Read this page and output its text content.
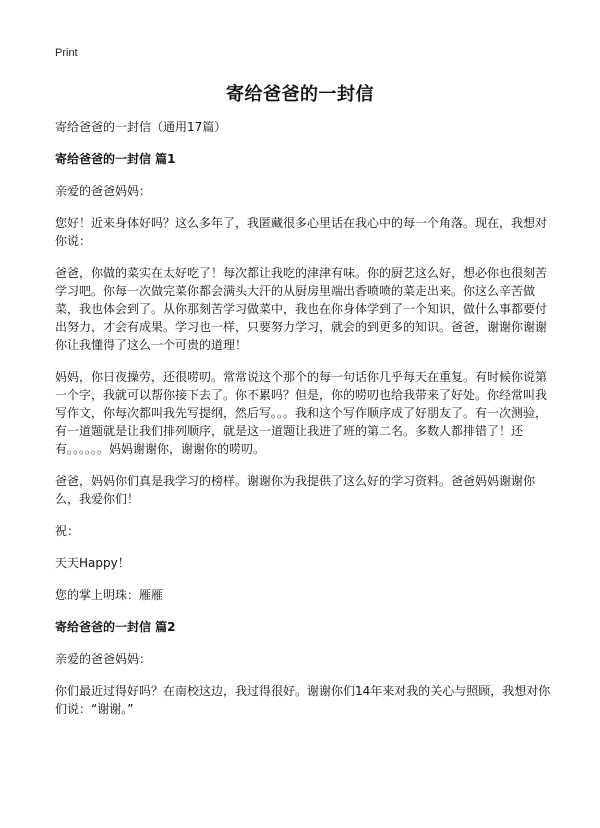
Print
寄给爸爸的一封信

寄给爸爸的一封信（通用17篇）

寄给爸爸的一封信 篇1

亲爱的爸爸妈妈：

您好！近来身体好吗？这么多年了，我匿藏很多心里话在我心中的每一个角落。现在，我想对你说：

爸爸，你做的菜实在太好吃了！每次都让我吃的津津有味。你的厨艺这么好，想必你也很刻苦学习吧。你每一次做完菜你都会满头大汗的从厨房里端出香喷喷的菜走出来。你这么辛苦做菜，我也体会到了。从你那刻苦学习做菜中，我也在你身体学到了一个知识，做什么事都要付出努力，才会有成果。学习也一样，只要努力学习，就会的到更多的知识。爸爸，谢谢你谢谢你让我懂得了这么一个可贵的道理！

妈妈，你日夜操劳，还很唠叨。常常说这个那个的每一句话你几乎每天在重复。有时候你说第一个字，我就可以帮你接下去了。你不累吗？但是，你的唠叨也给我带来了好处。你经常叫我写作文，你每次都叫我先写提纲，然后写。。。我和这个写作顺序成了好朋友了。有一次测验，有一道题就是让我们排列顺序，就是这一道题让我进了班的第二名。多数人都排错了！还有。。。。。。妈妈谢谢你，谢谢你的唠叨。

爸爸，妈妈你们真是我学习的榜样。谢谢你为我提供了这么好的学习资料。爸爸妈妈谢谢你么，我爱你们！

祝：

天天Happy！

您的掌上明珠：雁雁

寄给爸爸的一封信 篇2

亲爱的爸爸妈妈：

你们最近过得好吗？在南校这边，我过得很好。谢谢你们14年来对我的关心与照顾，我想对你们说：“谢谢。”
